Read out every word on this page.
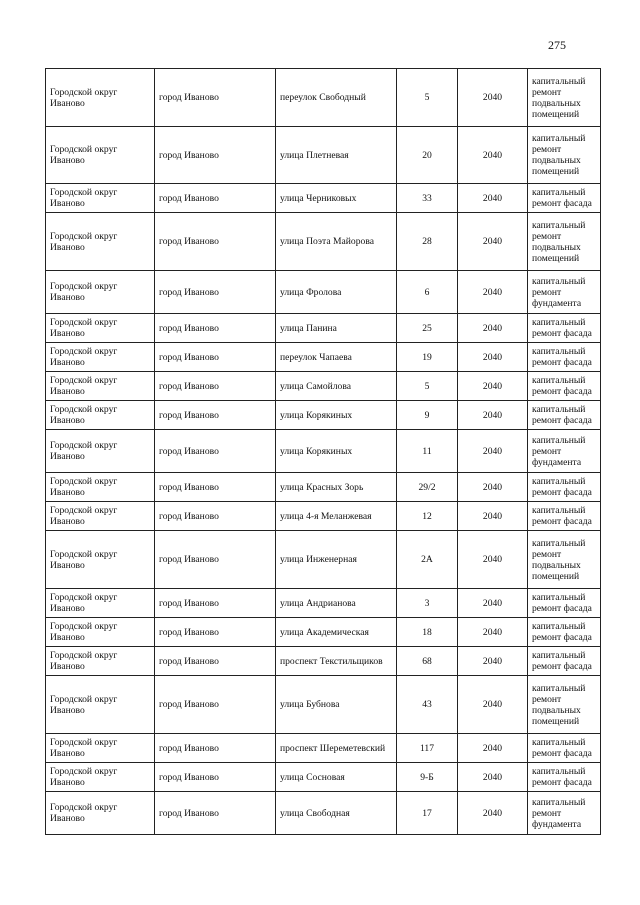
275
Городской округ Иваново	город Иваново	переулок Свободный	5	2040	капитальный ремонт подвальных помещений
Городской округ Иваново	город Иваново	улица Плетневая	20	2040	капитальный ремонт подвальных помещений
Городской округ Иваново	город Иваново	улица Черниковых	33	2040	капитальный ремонт фасада
Городской округ Иваново	город Иваново	улица Поэта Майорова	28	2040	капитальный ремонт подвальных помещений
Городской округ Иваново	город Иваново	улица Фролова	6	2040	капитальный ремонт фундамента
Городской округ Иваново	город Иваново	улица Панина	25	2040	капитальный ремонт фасада
Городской округ Иваново	город Иваново	переулок Чапаева	19	2040	капитальный ремонт фасада
Городской округ Иваново	город Иваново	улица Самойлова	5	2040	капитальный ремонт фасада
Городской округ Иваново	город Иваново	улица Корякиных	9	2040	капитальный ремонт фасада
Городской округ Иваново	город Иваново	улица Корякиных	11	2040	капитальный ремонт фундамента
Городской округ Иваново	город Иваново	улица Красных Зорь	29/2	2040	капитальный ремонт фасада
Городской округ Иваново	город Иваново	улица 4-я Меланжевая	12	2040	капитальный ремонт фасада
Городской округ Иваново	город Иваново	улица Инженерная	2А	2040	капитальный ремонт подвальных помещений
Городской округ Иваново	город Иваново	улица Андрианова	3	2040	капитальный ремонт фасада
Городской округ Иваново	город Иваново	улица Академическая	18	2040	капитальный ремонт фасада
Городской округ Иваново	город Иваново	проспект Текстильщиков	68	2040	капитальный ремонт фасада
Городской округ Иваново	город Иваново	улица Бубнова	43	2040	капитальный ремонт подвальных помещений
Городской округ Иваново	город Иваново	проспект Шереметевский	117	2040	капитальный ремонт фасада
Городской округ Иваново	город Иваново	улица Сосновая	9-Б	2040	капитальный ремонт фасада
Городской округ Иваново	город Иваново	улица Свободная	17	2040	капитальный ремонт фундамента
